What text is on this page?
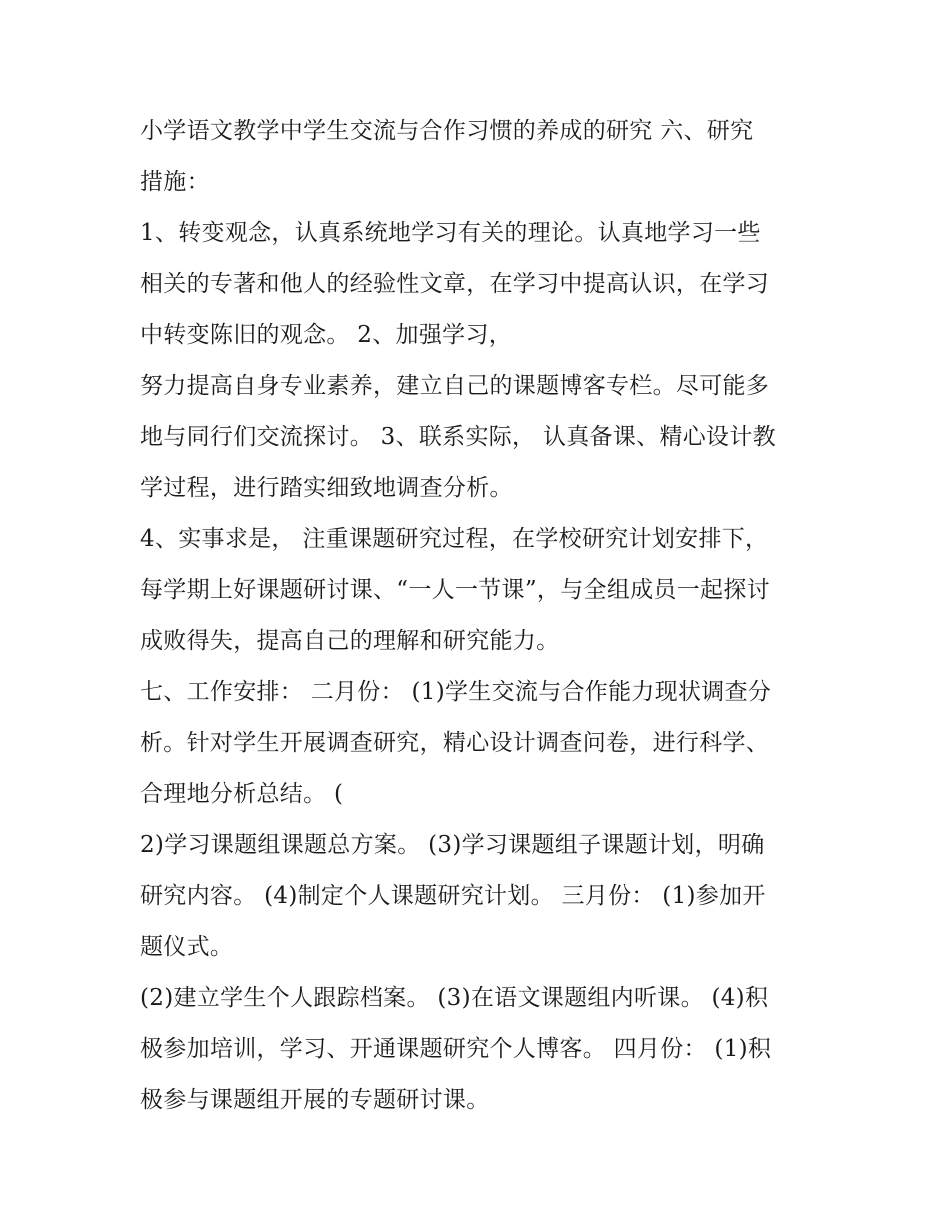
小学语文教学中学生交流与合作习惯的养成的研究 六、研究
措施：
1、转变观念，认真系统地学习有关的理论。认真地学习一些
相关的专著和他人的经验性文章，在学习中提高认识，在学习
中转变陈旧的观念。 2、加强学习，
努力提高自身专业素养，建立自己的课题博客专栏。尽可能多
地与同行们交流探讨。 3、联系实际， 认真备课、精心设计教
学过程，进行踏实细致地调查分析。
4、实事求是， 注重课题研究过程，在学校研究计划安排下，
每学期上好课题研讨课、“一人一节课”，与全组成员一起探讨
成败得失，提高自己的理解和研究能力。
七、工作安排： 二月份： (1)学生交流与合作能力现状调查分
析。针对学生开展调查研究，精心设计调查问卷，进行科学、
合理地分析总结。 (
2)学习课题组课题总方案。 (3)学习课题组子课题计划，明确
研究内容。 (4)制定个人课题研究计划。 三月份： (1)参加开
题仪式。
(2)建立学生个人跟踪档案。 (3)在语文课题组内听课。 (4)积
极参加培训，学习、开通课题研究个人博客。 四月份： (1)积
极参与课题组开展的专题研讨课。
